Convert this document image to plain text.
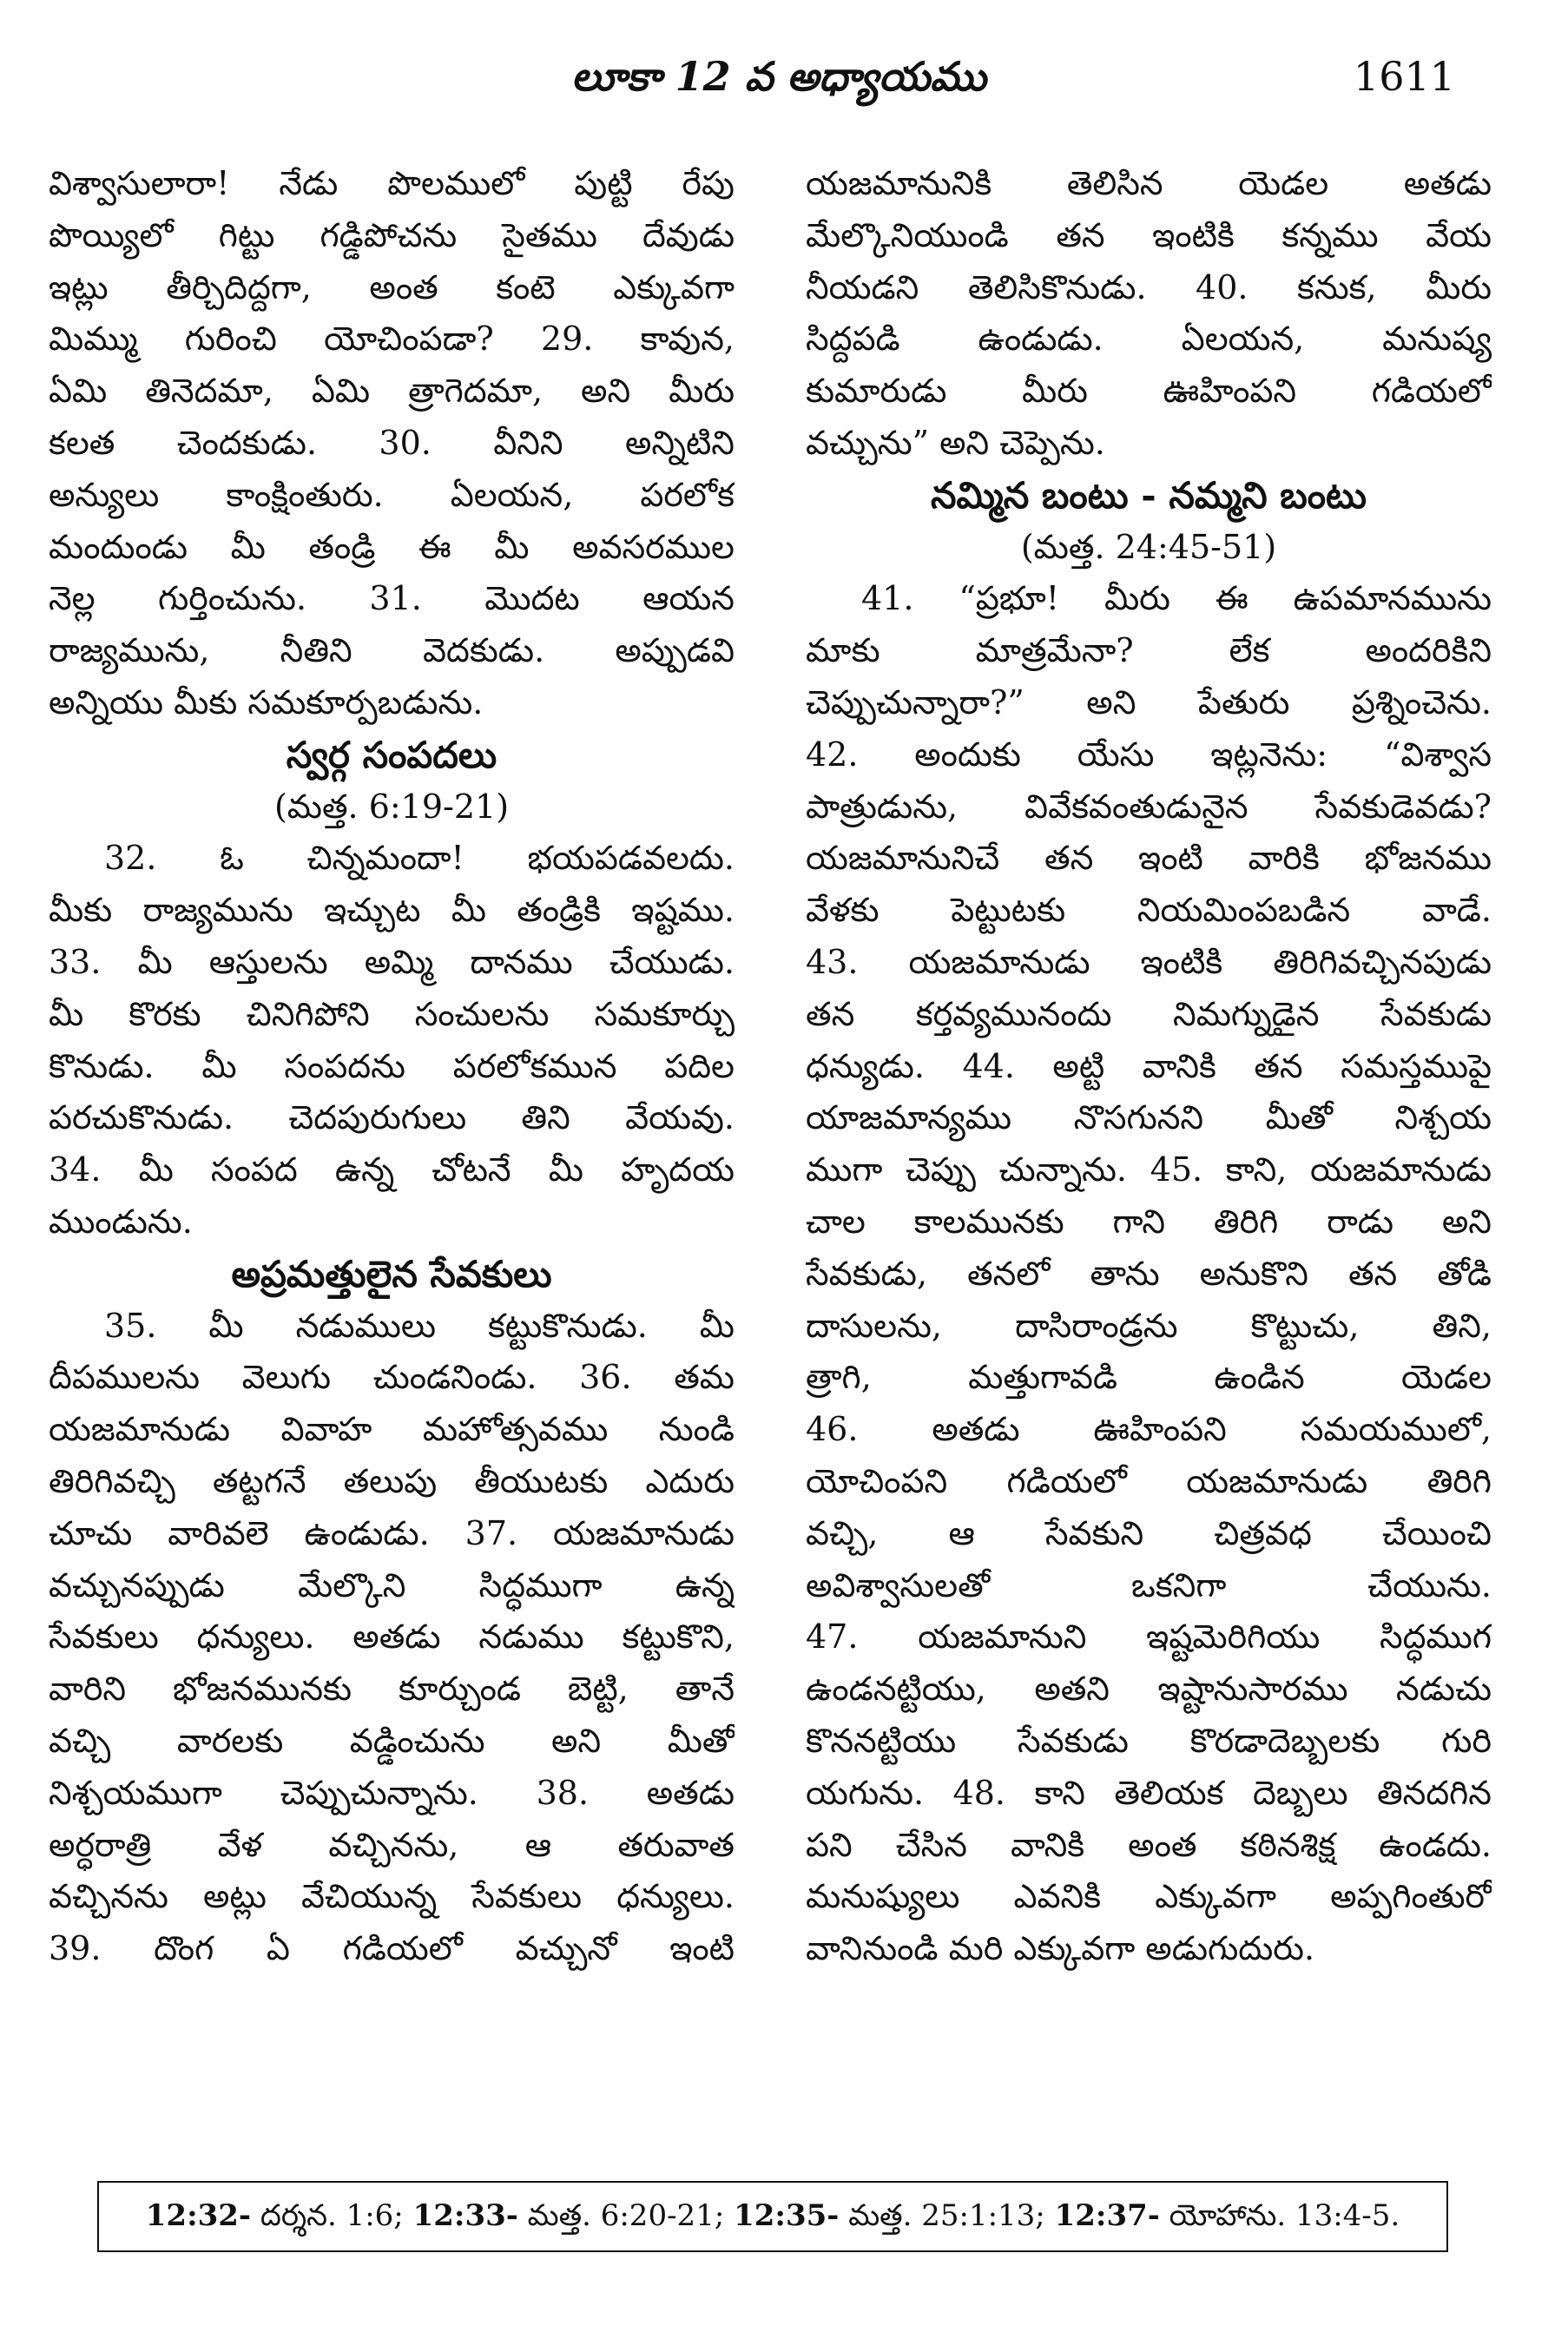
లూకా 12 వ అధ్యాయము	1611
విశ్వాసులారా! నేడు పొలములో పుట్టి రేపు
పొయ్యిలో గిట్టు గడ్డిపోచను సైతము దేవుడు
ఇట్లు తీర్చిదిద్దగా, అంత కంటె ఎక్కువగా
మిమ్ము గురించి యోచింపడా? 29. కావున,
ఏమి తినెదమా, ఏమి త్రాగెదమా, అని మీరు
కలత చెందకుడు. 30. వీనిని అన్నిటిని
అన్యులు కాంక్షింతురు. ఏలయన, పరలోక
మందుండు మీ తండ్రి ఈ మీ అవసరముల
నెల్ల గుర్తించును. 31. మొదట ఆయన
రాజ్యమును, నీతిని వెదకుడు. అప్పుడవి
అన్నియు మీకు సమకూర్పబడును.
స్వర్గ సంపదలు
(మత్త. 6:19-21)
32. ఓ చిన్నమందా! భయపడవలదు.
మీకు రాజ్యమును ఇచ్చుట మీ తండ్రికి ఇష్టము.
33. మీ ఆస్తులను అమ్మి దానము చేయుడు.
మీ కొరకు చినిగిపోని సంచులను సమకూర్చు
కొనుడు. మీ సంపదను పరలోకమున పదిల
పరచుకొనుడు. చెదపురుగులు తిని వేయవు.
34. మీ సంపద ఉన్న చోటనే మీ హృదయ
ముండును.
అప్రమత్తులైన సేవకులు
35. మీ నడుములు కట్టుకొనుడు. మీ
దీపములను వెలుగు చుండనిండు. 36. తమ
యజమానుడు వివాహ మహోత్సవము నుండి
తిరిగివచ్చి తట్టగనే తలుపు తీయుటకు ఎదురు
చూచు వారివలె ఉండుడు. 37. యజమానుడు
వచ్చునప్పుడు మేల్కొని సిద్ధముగా ఉన్న
సేవకులు ధన్యులు. అతడు నడుము కట్టుకొని,
వారిని భోజనమునకు కూర్చుండ బెట్టి, తానే
వచ్చి వారలకు వడ్డించును అని మీతో
నిశ్చయముగా చెప్పుచున్నాను. 38. అతడు
అర్ధరాత్రి వేళ వచ్చినను, ఆ తరువాత
వచ్చినను అట్లు వేచియున్న సేవకులు ధన్యులు.
39. దొంగ ఏ గడియలో వచ్చునో ఇంటి
యజమానునికి తెలిసిన యెడల అతడు
మేల్కొనియుండి తన ఇంటికి కన్నము వేయ
నీయడని తెలిసికొనుడు. 40. కనుక, మీరు
సిద్దపడి ఉండుడు. ఏలయన, మనుష్య
కుమారుడు మీరు ఊహింపని గడియలో
వచ్చును” అని చెప్పెను.
నమ్మిన బంటు - నమ్మని బంటు
(మత్త. 24:45-51)
41. “ప్రభూ! మీరు ఈ ఉపమానమును
మాకు మాత్రమేనా? లేక అందరికిని
చెప్పుచున్నారా?” అని పేతురు ప్రశ్నించెను.
42. అందుకు యేసు ఇట్లనెను: “విశ్వాస
పాత్రుడును, వివేకవంతుడునైన సేవకుడెవడు?
యజమానునిచే తన ఇంటి వారికి భోజనము
వేళకు పెట్టుటకు నియమింపబడిన వాడే.
43. యజమానుడు ఇంటికి తిరిగివచ్చినపుడు
తన కర్తవ్యమునందు నిమగ్నుడైన సేవకుడు
ధన్యుడు. 44. అట్టి వానికి తన సమస్తముపై
యాజమాన్యము నొసగునని మీతో నిశ్చయ
ముగా చెప్పు చున్నాను. 45. కాని, యజమానుడు
చాల కాలమునకు గాని తిరిగి రాడు అని
సేవకుడు, తనలో తాను అనుకొని తన తోడి
దాసులను, దాసిరాండ్రను కొట్టుచు, తిని,
త్రాగి, మత్తుగావడి ఉండిన యెడల
46. అతడు ఊహింపని సమయములో,
యోచింపని గడియలో యజమానుడు తిరిగి
వచ్చి, ఆ సేవకుని చిత్రవధ చేయించి
అవిశ్వాసులతో ఒకనిగా చేయును.
47. యజమానుని ఇష్టమెరిగియు సిద్ధముగ
ఉండనట్టియు, అతని ఇష్టానుసారము నడుచు
కొననట్టియు సేవకుడు కొరడాదెబ్బలకు గురి
యగును. 48. కాని తెలియక దెబ్బలు తినదగిన
పని చేసిన వానికి అంత కఠినశిక్ష ఉండదు.
మనుష్యులు ఎవనికి ఎక్కువగా అప్పగింతురో
వానినుండి మరి ఎక్కువగా అడుగుదురు.
12:32- దర్శన. 1:6; 12:33- మత్త. 6:20-21; 12:35- మత్త. 25:1:13; 12:37- యోహాను. 13:4-5.
